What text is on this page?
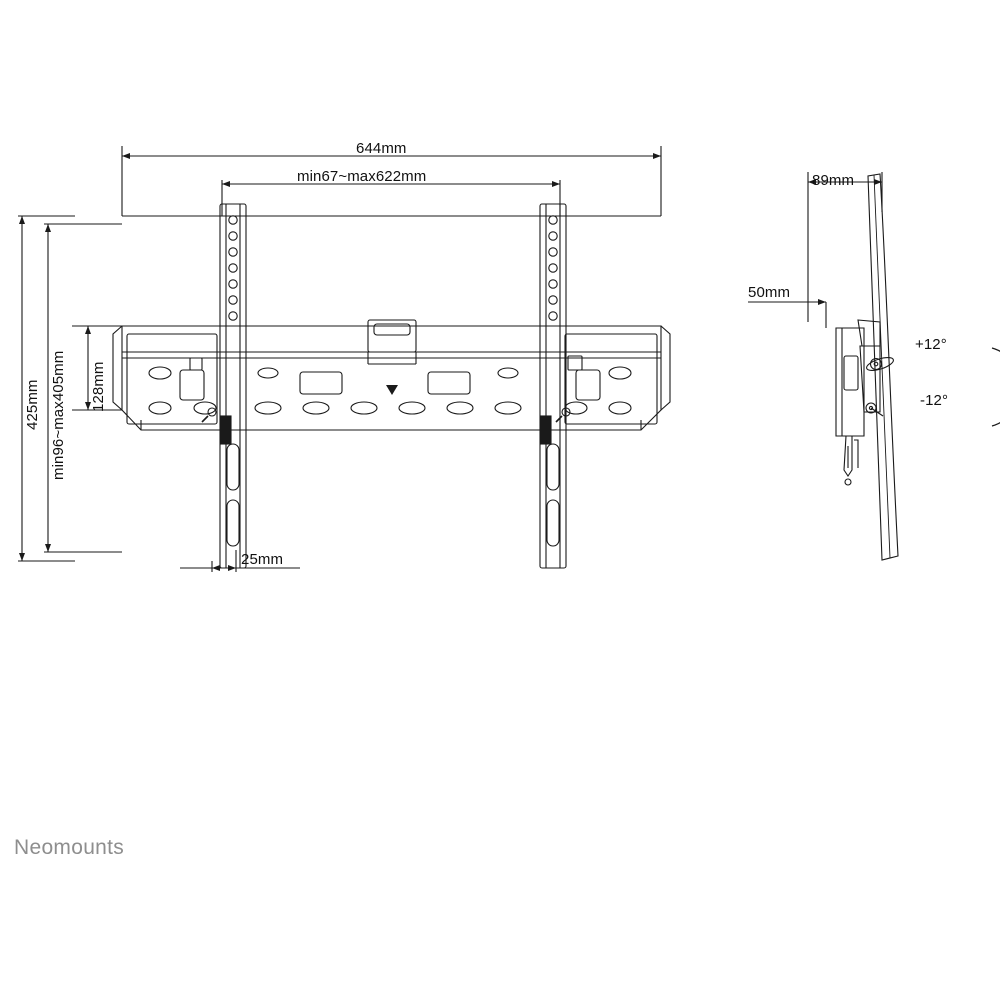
644mm
min67~max622mm
425mm min96~max405mm 128mm
25mm
89mm
50mm
+12°
-12°
Neomounts
